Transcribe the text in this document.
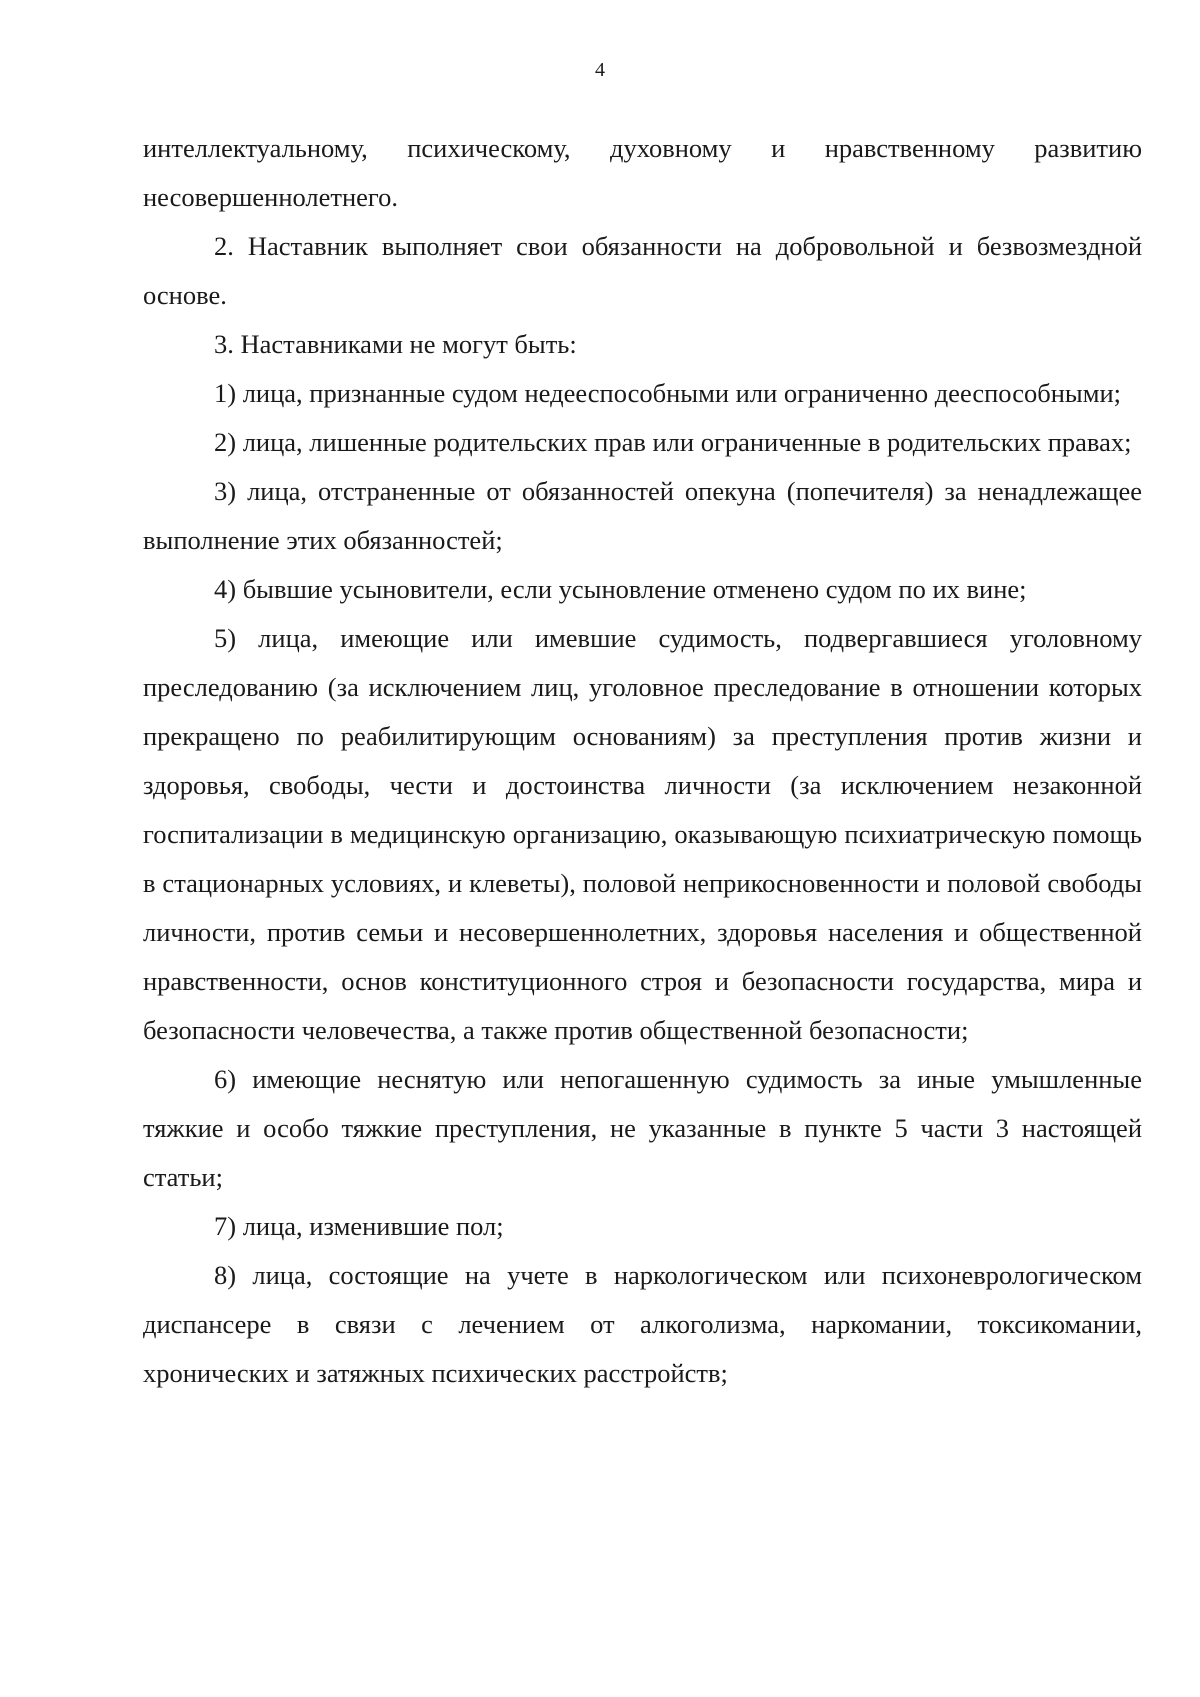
4

интеллектуальному, психическому, духовному и нравственному развитию несовершеннолетнего.

2. Наставник выполняет свои обязанности на добровольной и безвозмездной основе.

3. Наставниками не могут быть:

1) лица, признанные судом недееспособными или ограниченно дееспособными;

2) лица, лишенные родительских прав или ограниченные в родительских правах;

3) лица, отстраненные от обязанностей опекуна (попечителя) за ненадлежащее выполнение этих обязанностей;

4) бывшие усыновители, если усыновление отменено судом по их вине;

5) лица, имеющие или имевшие судимость, подвергавшиеся уголовному преследованию (за исключением лиц, уголовное преследование в отношении которых прекращено по реабилитирующим основаниям) за преступления против жизни и здоровья, свободы, чести и достоинства личности (за исключением незаконной госпитализации в медицинскую организацию, оказывающую психиатрическую помощь в стационарных условиях, и клеветы), половой неприкосновенности и половой свободы личности, против семьи и несовершеннолетних, здоровья населения и общественной нравственности, основ конституционного строя и безопасности государства, мира и безопасности человечества, а также против общественной безопасности;

6) имеющие неснятую или непогашенную судимость за иные умышленные тяжкие и особо тяжкие преступления, не указанные в пункте 5 части 3 настоящей статьи;

7) лица, изменившие пол;

8) лица, состоящие на учете в наркологическом или психоневрологическом диспансере в связи с лечением от алкоголизма, наркомании, токсикомании, хронических и затяжных психических расстройств;
